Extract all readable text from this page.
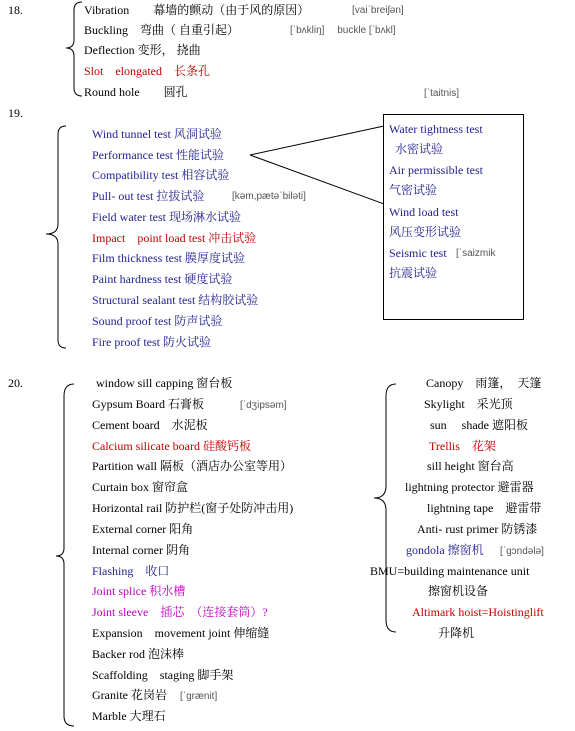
18.	Vibration　　幕墙的颤动（由于风的原因）
Buckling　弯曲（ 自重引起）
Deflection 变形， 挠曲
Slot　elongated　长条孔
Round hole　　圆孔
[vaiˈbreiʃən]
[ˈbʌkliŋ]　 buckle [ˈbʌkl]
[ˈtaitnis]
19.
Wind tunnel test 风洞试验
Performance test 性能试验
Compatibility test 相容试验
Pull- out test 拉拔试验	[kəm,pætəˈbiləti]
Field water test 现场淋水试验
Impact　point load test 冲击试验
Film thickness test 膜厚度试验
Paint hardness test 硬度试验
Structural sealant test 结构胶试验
Sound proof test 防声试验
Fire proof test 防火试验
Water tightness test
水密试验
Air permissible test
气密试验
Wind load test
风压变形试验
Seismic test [ˈsaizmik
抗震试验
20.	window sill capping 窗台板
Gypsum Board 石膏板	[ˈdʒipsəm]
Cement board　水泥板
Calcium silicate board 硅酸钙板
Partition wall 隔板（酒店办公室等用）
Curtain box 窗帘盒
Horizontal rail 防护栏(窗子处防冲击用)
External corner 阳角
Internal corner 阴角
Flashing　收口
Joint splice 积水槽
Joint sleeve　插芯　（连接套筒）?
Expansion　movement joint 伸缩缝
Backer rod 泡沫棒
Scaffolding　staging 脚手架
Granite 花岗岩 [ˈɡrænit]
Marble 大理石
Canopy　雨篷，　天篷
Skylight　采光顶
sun　 shade 遮阳板
Trellis　花架
sill height 窗台高
lightning protector 避雷器
lightning tape　避雷带
Anti- rust primer 防锈漆
gondola 擦窗机 [ˈɡɔndələ]
BMU=building maintenance unit
擦窗机设备
Altimark hoist=Hoistinglift
升降机
